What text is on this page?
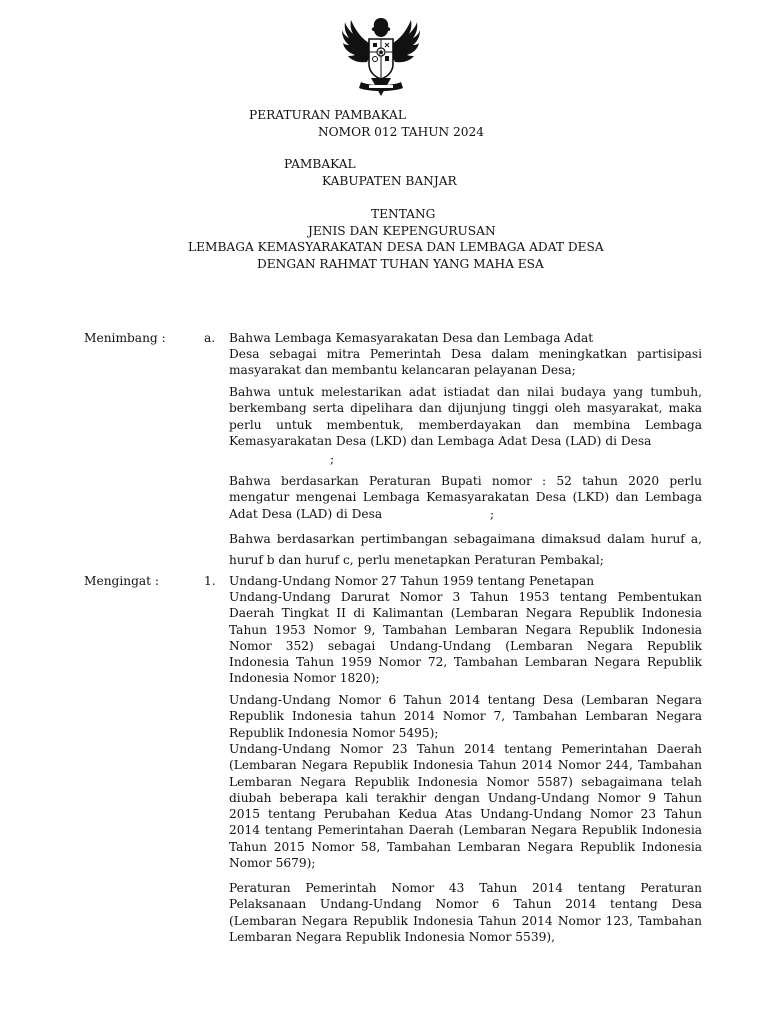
PERATURAN PAMBAKAL
NOMOR 012 TAHUN 2024
PAMBAKAL
KABUPATEN BANJAR
TENTANG
JENIS DAN KEPENGURUSAN
LEMBAGA KEMASYARAKATAN DESA DAN LEMBAGA ADAT DESA
DENGAN RAHMAT TUHAN YANG MAHA ESA
Menimbang :	a. Bahwa Lembaga Kemasyarakatan Desa dan Lembaga Adat

Desa sebagai mitra Pemerintah Desa dalam meningkatkan partisipasi masyarakat dan membantu kelancaran pelayanan Desa;

Bahwa untuk melestarikan adat istiadat dan nilai budaya yang tumbuh, berkembang serta dipelihara dan dijunjung tinggi oleh masyarakat, maka perlu untuk membentuk, memberdayakan dan membina Lembaga Kemasyarakatan Desa (LKD) dan Lembaga Adat Desa (LAD) di Desa

;

Bahwa berdasarkan Peraturan Bupati nomor : 52 tahun 2020 perlu mengatur mengenai Lembaga Kemasyarakatan Desa (LKD) dan Lembaga Adat Desa (LAD) di Desa	;

Bahwa berdasarkan pertimbangan sebagaimana dimaksud dalam huruf a, huruf b dan huruf c, perlu menetapkan Peraturan Pembakal;

Mengingat :	1. Undang-Undang Nomor 27 Tahun 1959 tentang Penetapan

Undang-Undang Darurat Nomor 3 Tahun 1953 tentang Pembentukan Daerah Tingkat II di Kalimantan (Lembaran Negara Republik Indonesia Tahun 1953 Nomor 9, Tambahan Lembaran Negara Republik Indonesia Nomor 352) sebagai Undang-Undang (Lembaran Negara Republik Indonesia Tahun 1959 Nomor 72, Tambahan Lembaran Negara Republik Indonesia Nomor 1820);

Undang-Undang Nomor 6 Tahun 2014 tentang Desa (Lembaran Negara Republik Indonesia tahun 2014 Nomor 7, Tambahan Lembaran Negara Republik Indonesia Nomor 5495);

Undang-Undang Nomor 23 Tahun 2014 tentang Pemerintahan Daerah (Lembaran Negara Republik Indonesia Tahun 2014 Nomor 244, Tambahan Lembaran Negara Republik Indonesia Nomor 5587) sebagaimana telah diubah beberapa kali terakhir dengan Undang-Undang Nomor 9 Tahun 2015 tentang Perubahan Kedua Atas Undang-Undang Nomor 23 Tahun 2014 tentang Pemerintahan Daerah (Lembaran Negara Republik Indonesia Tahun 2015 Nomor 58, Tambahan Lembaran Negara Republik Indonesia Nomor 5679);

Peraturan Pemerintah Nomor 43 Tahun 2014 tentang Peraturan Pelaksanaan Undang-Undang Nomor 6 Tahun 2014 tentang Desa (Lembaran Negara Republik Indonesia Tahun 2014 Nomor 123, Tambahan Lembaran Negara Republik Indonesia Nomor 5539),
